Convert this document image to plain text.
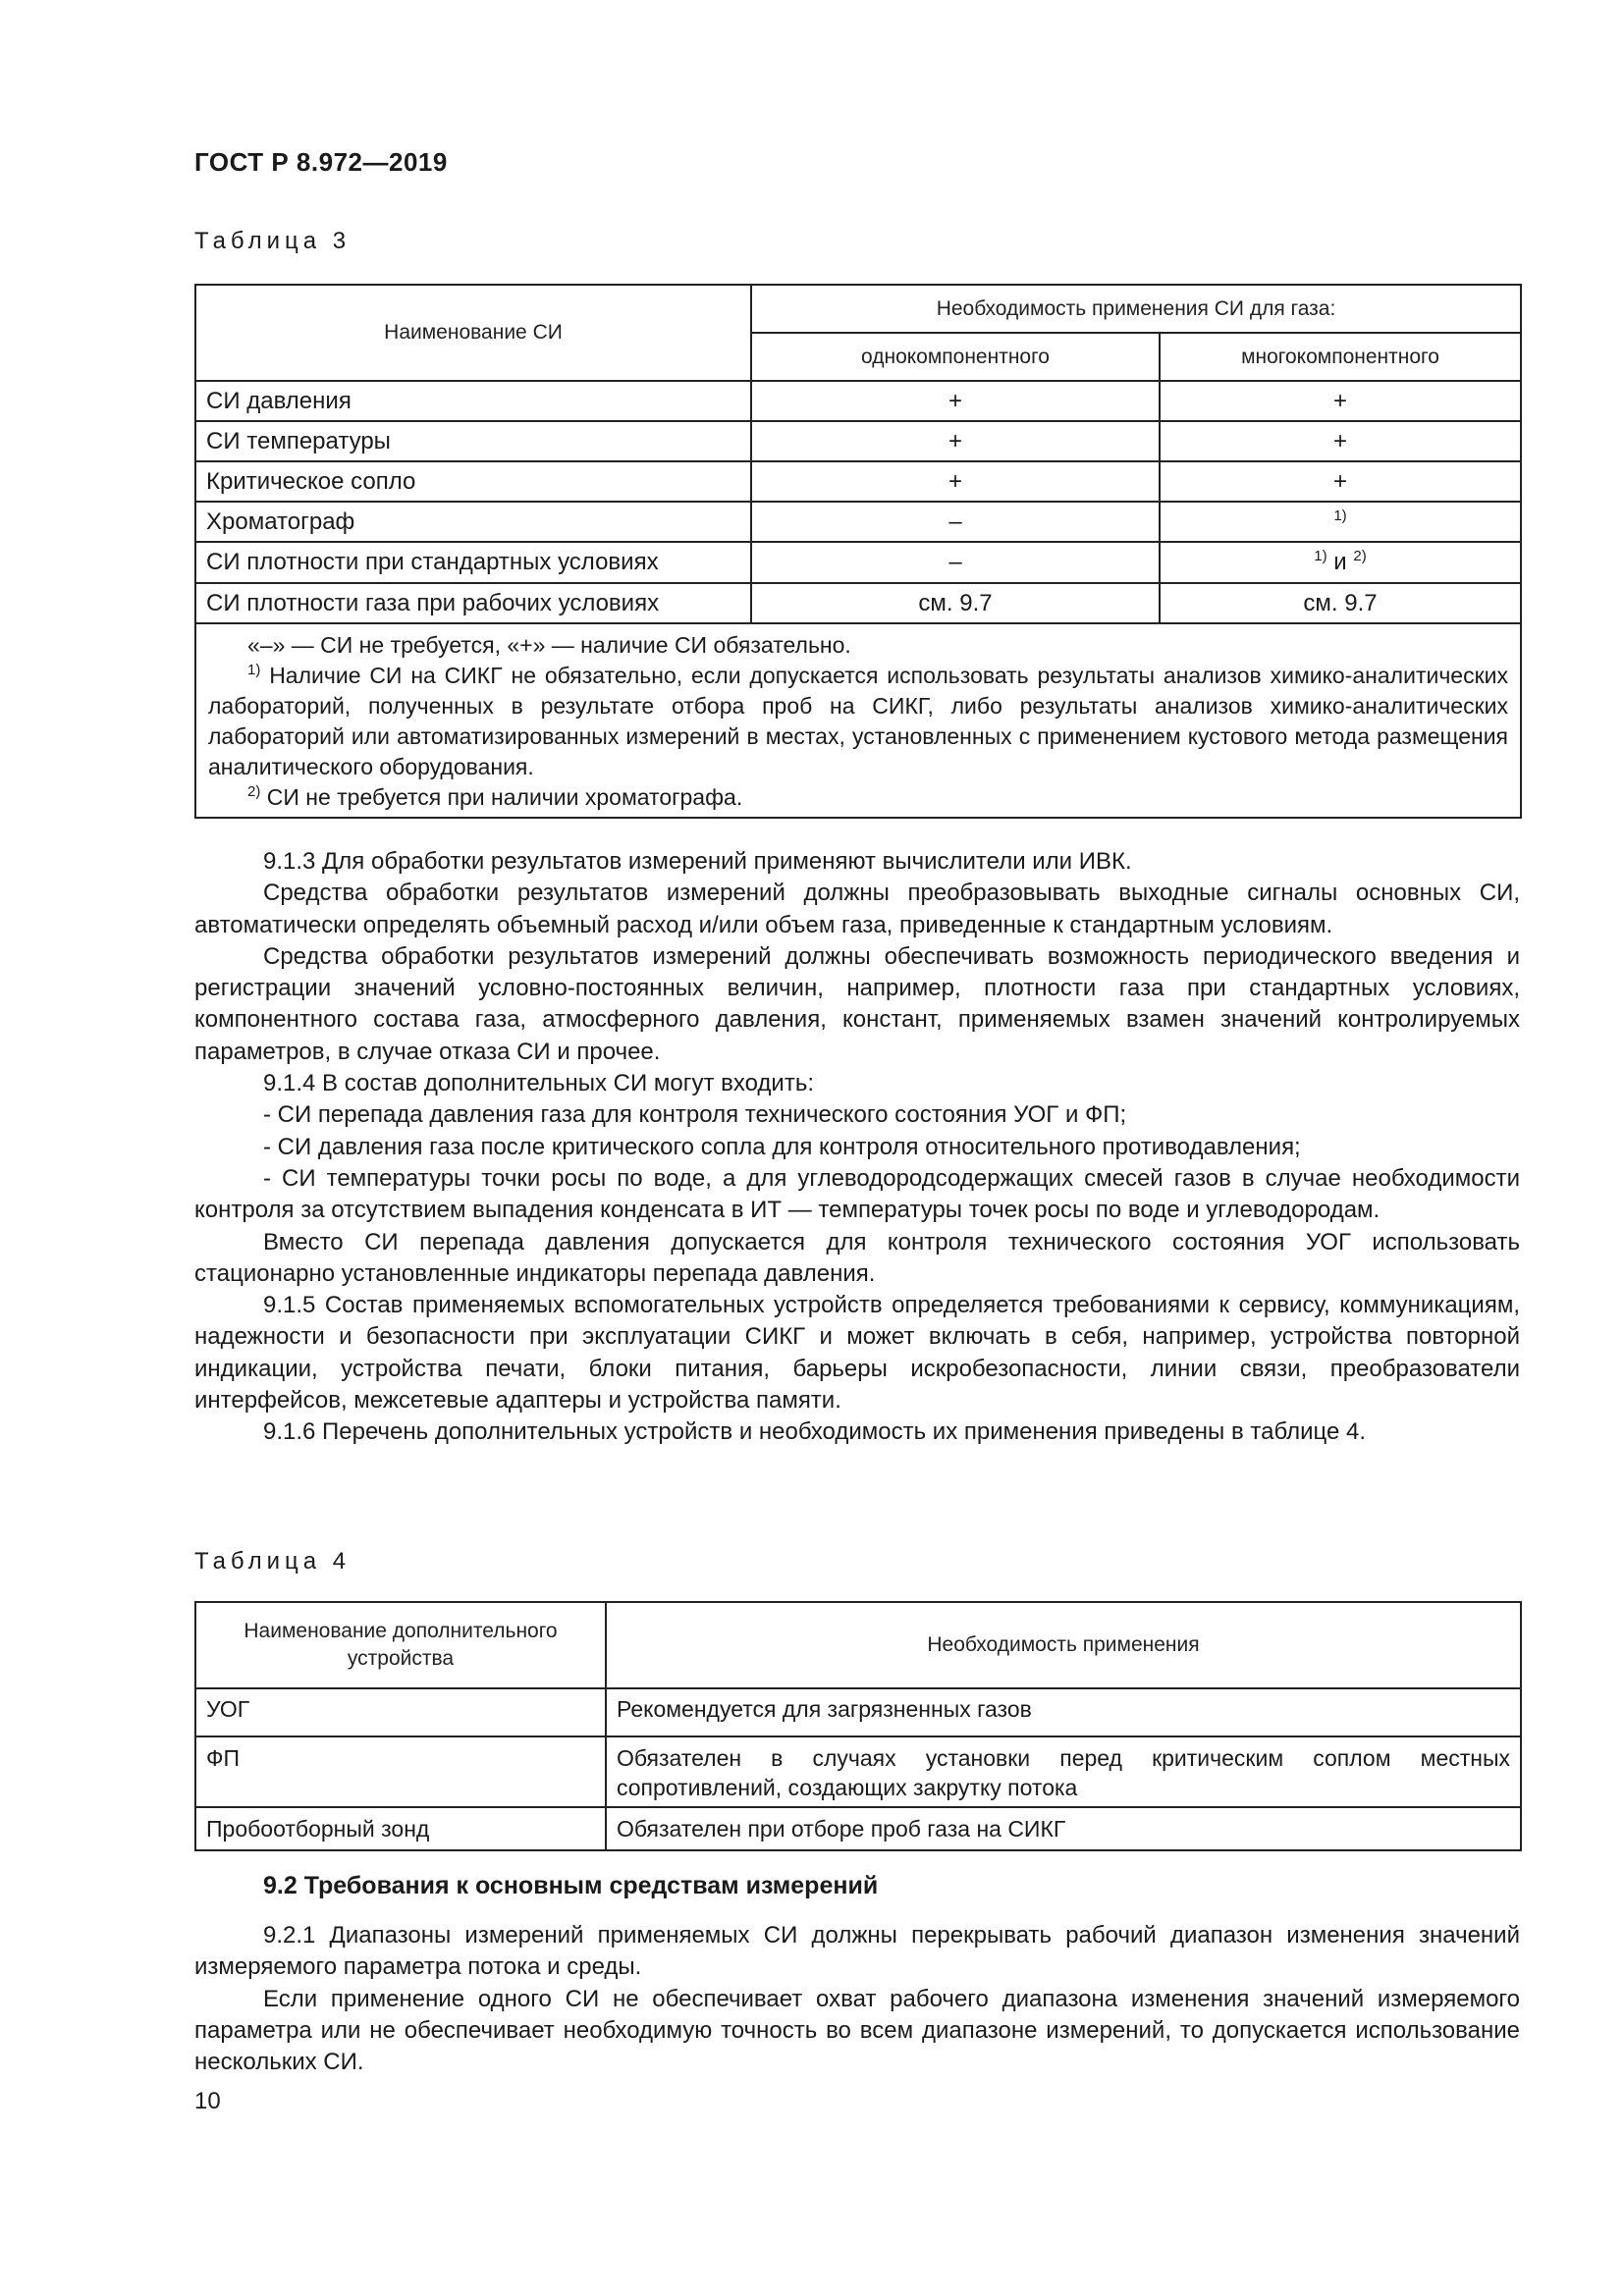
ГОСТ Р 8.972—2019
Таблица 3
Наименование СИ	Необходимость применения СИ для газа:	
	однокомпонентного	многокомпонентного
СИ давления	+	+
СИ температуры	+	+
Критическое сопло	+	+
Хроматограф	–	$^{1)}$
СИ плотности при стандартных условиях	–	$^{1)}$ и $^{2)}$
СИ плотности газа при рабочих условиях	см. 9.7	см. 9.7

«–» — СИ не требуется, «+» — наличие СИ обязательно.

$^{1)}$ Наличие СИ на СИКГ не обязательно, если допускается использовать результаты анализов химико-аналитических лабораторий, полученных в результате отбора проб на СИКГ, либо результаты анализов химико-аналитических лабораторий или автоматизированных измерений в местах, установленных с применением кустового метода размещения аналитического оборудования.

$^{2)}$ СИ не требуется при наличии хроматографа.		

9.1.3 Для обработки результатов измерений применяют вычислители или ИВК.

Средства обработки результатов измерений должны преобразовывать выходные сигналы основных СИ, автоматически определять объемный расход и/или объем газа, приведенные к стандартным условиям.

Средства обработки результатов измерений должны обеспечивать возможность периодического введения и регистрации значений условно-постоянных величин, например, плотности газа при стандартных условиях, компонентного состава газа, атмосферного давления, констант, применяемых взамен значений контролируемых параметров, в случае отказа СИ и прочее.

9.1.4 В состав дополнительных СИ могут входить:

- СИ перепада давления газа для контроля технического состояния УОГ и ФП;

- СИ давления газа после критического сопла для контроля относительного противодавления;

- СИ температуры точки росы по воде, а для углеводородсодержащих смесей газов в случае необходимости контроля за отсутствием выпадения конденсата в ИТ — температуры точек росы по воде и углеводородам.

Вместо СИ перепада давления допускается для контроля технического состояния УОГ использовать стационарно установленные индикаторы перепада давления.

9.1.5 Состав применяемых вспомогательных устройств определяется требованиями к сервису, коммуникациям, надежности и безопасности при эксплуатации СИКГ и может включать в себя, например, устройства повторной индикации, устройства печати, блоки питания, барьеры искробезопасности, линии связи, преобразователи интерфейсов, межсетевые адаптеры и устройства памяти.

9.1.6 Перечень дополнительных устройств и необходимость их применения приведены в таблице 4.

Таблица 4
Наименование дополнительного устройства	Необходимость применения
УОГ	Рекомендуется для загрязненных газов
ФП	Обязателен в случаях установки перед критическим соплом местных сопротивлений, создающих закрутку потока
Пробоотборный зонд	Обязателен при отборе проб газа на СИКГ
9.2 Требования к основным средствам измерений

9.2.1 Диапазоны измерений применяемых СИ должны перекрывать рабочий диапазон изменения значений измеряемого параметра потока и среды.

Если применение одного СИ не обеспечивает охват рабочего диапазона изменения значений измеряемого параметра или не обеспечивает необходимую точность во всем диапазоне измерений, то допускается использование нескольких СИ.

10
